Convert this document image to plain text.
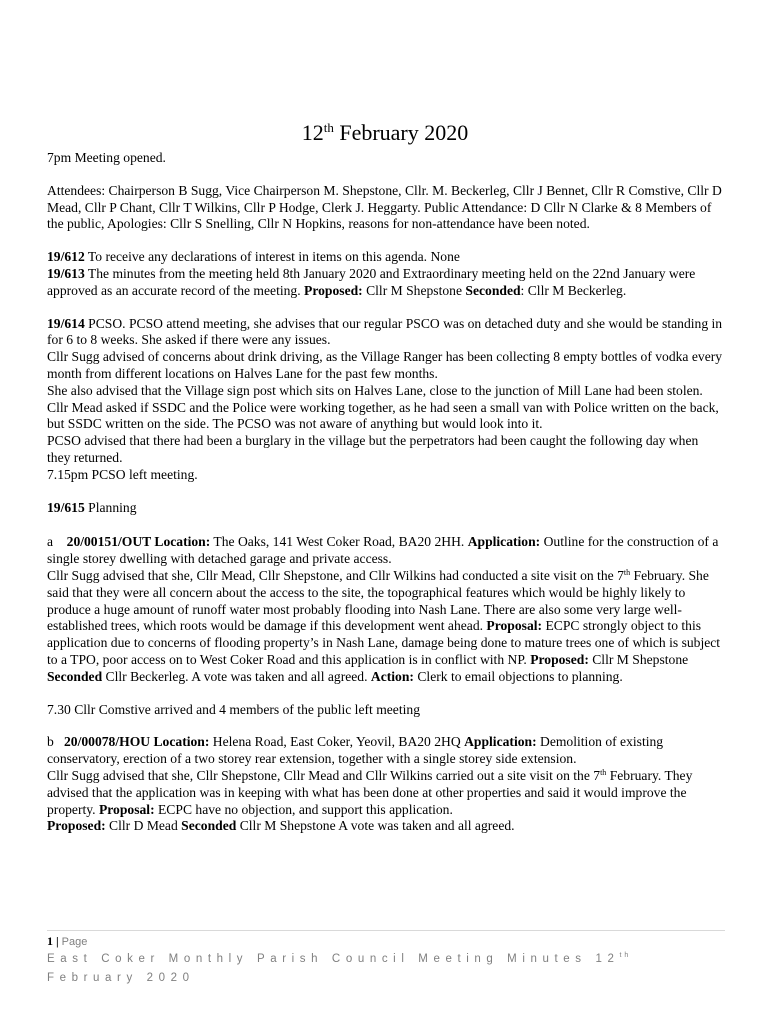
12th February 2020

7pm Meeting opened.

Attendees: Chairperson B Sugg, Vice Chairperson M. Shepstone, Cllr. M. Beckerleg, Cllr J Bennet, Cllr R Comstive, Cllr D Mead, Cllr P Chant, Cllr T Wilkins, Cllr P Hodge, Clerk J. Heggarty. Public Attendance: D Cllr N Clarke & 8 Members of the public, Apologies: Cllr S Snelling, Cllr N Hopkins, reasons for non-attendance have been noted.

19/612 To receive any declarations of interest in items on this agenda. None

19/613 The minutes from the meeting held 8th January 2020 and Extraordinary meeting held on the 22nd January were approved as an accurate record of the meeting. Proposed: Cllr M Shepstone Seconded: Cllr M Beckerleg.

19/614 PCSO. PCSO attend meeting, she advises that our regular PSCO was on detached duty and she would be standing in for 6 to 8 weeks. She asked if there were any issues.

Cllr Sugg advised of concerns about drink driving, as the Village Ranger has been collecting 8 empty bottles of vodka every month from different locations on Halves Lane for the past few months.

She also advised that the Village sign post which sits on Halves Lane, close to the junction of Mill Lane had been stolen.

Cllr Mead asked if SSDC and the Police were working together, as he had seen a small van with Police written on the back, but SSDC written on the side. The PCSO was not aware of anything but would look into it.

PCSO advised that there had been a burglary in the village but the perpetrators had been caught the following day when they returned.

7.15pm PCSO left meeting.

19/615 Planning

a    20/00151/OUT Location: The Oaks, 141 West Coker Road, BA20 2HH. Application: Outline for the construction of a single storey dwelling with detached garage and private access.

Cllr Sugg advised that she, Cllr Mead, Cllr Shepstone, and Cllr Wilkins had conducted a site visit on the 7th February. She said that they were all concern about the access to the site, the topographical features which would be highly likely to produce a huge amount of runoff water most probably flooding into Nash Lane. There are also some very large well-established trees, which roots would be damage if this development went ahead. Proposal: ECPC strongly object to this application due to concerns of flooding property’s in Nash Lane, damage being done to mature trees one of which is subject to a TPO, poor access on to West Coker Road and this application is in conflict with NP. Proposed: Cllr M Shepstone Seconded Cllr Beckerleg. A vote was taken and all agreed. Action: Clerk to email objections to planning.

7.30 Cllr Comstive arrived and 4 members of the public left meeting

b   20/00078/HOU Location: Helena Road, East Coker, Yeovil, BA20 2HQ Application: Demolition of existing conservatory, erection of a two storey rear extension, together with a single storey side extension.

Cllr Sugg advised that she, Cllr Shepstone, Cllr Mead and Cllr Wilkins carried out a site visit on the 7th February. They advised that the application was in keeping with what has been done at other properties and said it would improve the property. Proposal: ECPC have no objection, and support this application.

Proposed: Cllr D Mead Seconded Cllr M Shepstone A vote was taken and all agreed.

1 | Page
East Coker Monthly Parish Council Meeting Minutes 12th February 2020
